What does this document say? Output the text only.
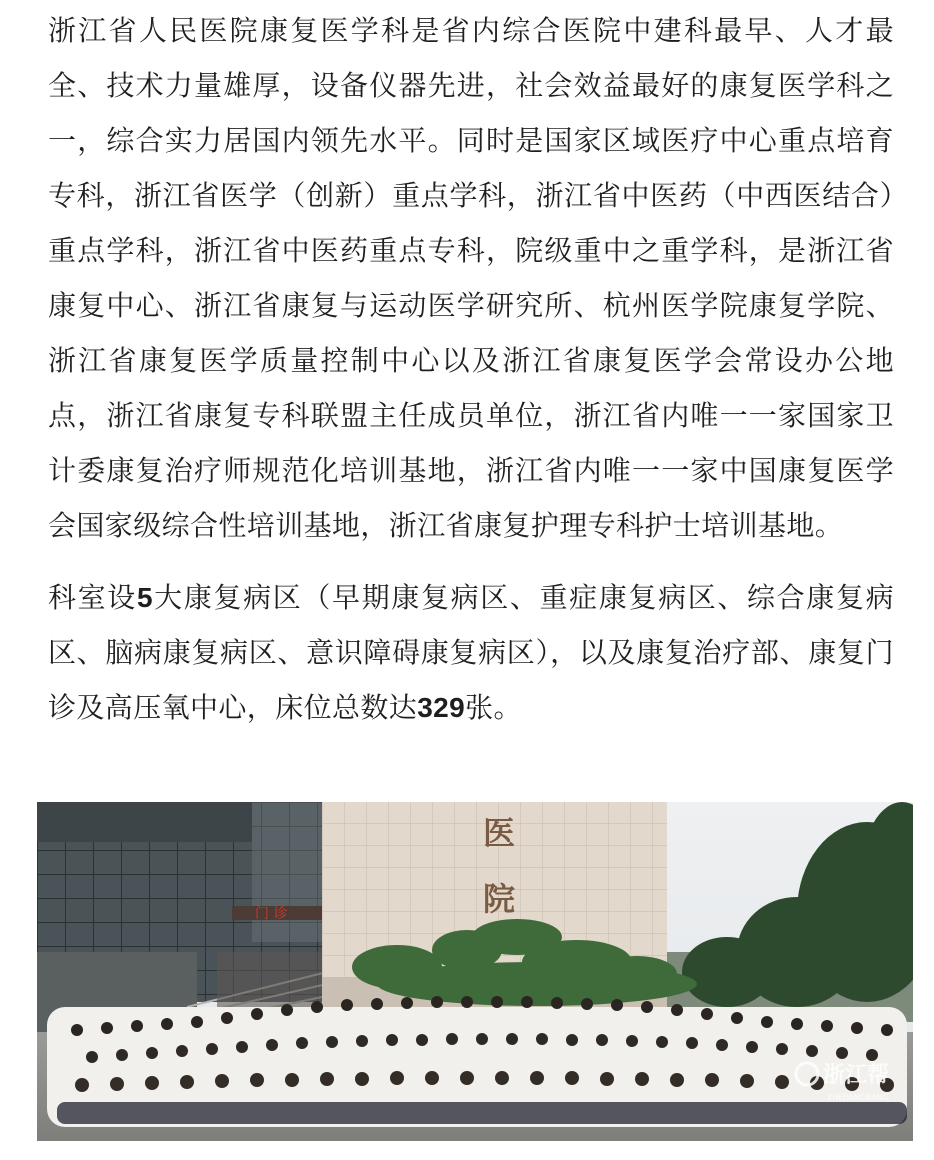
浙江省人民医院康复医学科是省内综合医院中建科最早、人才最全、技术力量雄厚，设备仪器先进，社会效益最好的康复医学科之一，综合实力居国内领先水平。同时是国家区域医疗中心重点培育专科，浙江省医学（创新）重点学科，浙江省中医药（中西医结合）重点学科，浙江省中医药重点专科，院级重中之重学科，是浙江省康复中心、浙江省康复与运动医学研究所、杭州医学院康复学院、浙江省康复医学质量控制中心以及浙江省康复医学会常设办公地点，浙江省康复专科联盟主任成员单位，浙江省内唯一一家国家卫计委康复治疗师规范化培训基地，浙江省内唯一一家中国康复医学会国家级综合性培训基地，浙江省康复护理专科护士培训基地。

科室设5大康复病区（早期康复病区、重症康复病区、综合康复病区、脑病康复病区、意识障碍康复病区），以及康复治疗部、康复门诊及高压氧中心，床位总数达329张。

门 诊
医
院
浙江帮
ZHEJIANGBANG
